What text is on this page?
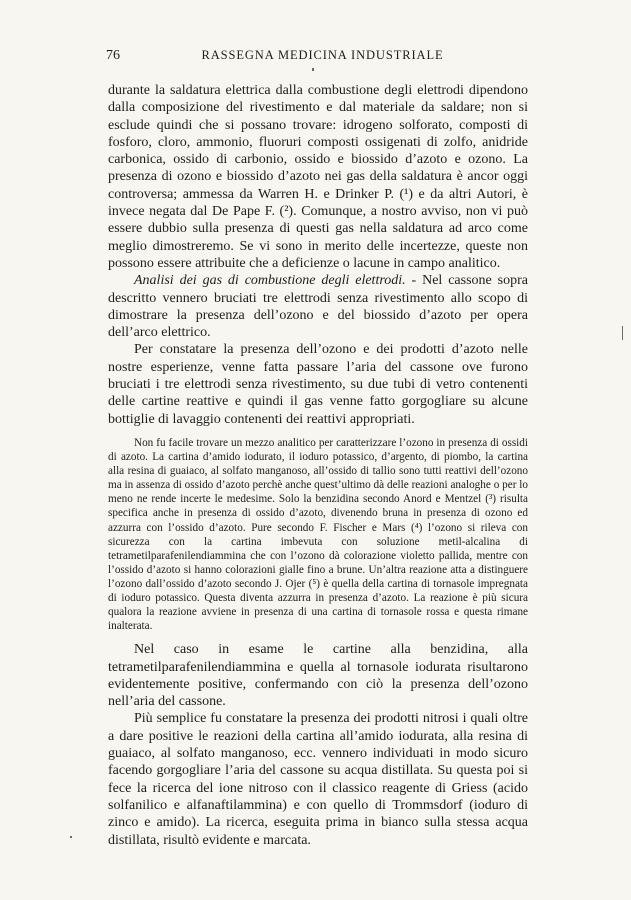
76	RASSEGNA MEDICINA INDUSTRIALE

durante la saldatura elettrica dalla combustione degli elettrodi dipendono dalla composizione del rivestimento e dal materiale da saldare; non si esclude quindi che si possano trovare: idrogeno solforato, composti di fosforo, cloro, ammonio, fluoruri composti ossigenati di zolfo, anidride carbonica, ossido di carbonio, ossido e biossido d’azoto e ozono. La presenza di ozono e biossido d’azoto nei gas della saldatura è ancor oggi controversa; ammessa da Warren H. e Drinker P. (¹) e da altri Autori, è invece negata dal De Pape F. (²). Comunque, a nostro avviso, non vi può essere dubbio sulla presenza di questi gas nella saldatura ad arco come meglio dimostreremo. Se vi sono in merito delle incertezze, queste non possono essere attribuite che a deficienze o lacune in campo analitico.

Analisi dei gas di combustione degli elettrodi. - Nel cassone sopra descritto vennero bruciati tre elettrodi senza rivestimento allo scopo di dimostrare la presenza dell’ozono e del biossido d’azoto per opera dell’arco elettrico.

Per constatare la presenza dell’ozono e dei prodotti d’azoto nelle nostre esperienze, venne fatta passare l’aria del cassone ove furono bruciati i tre elettrodi senza rivestimento, su due tubi di vetro contenenti delle cartine reattive e quindi il gas venne fatto gorgogliare su alcune bottiglie di lavaggio contenenti dei reattivi appropriati.

Non fu facile trovare un mezzo analitico per caratterizzare l’ozono in presenza di ossidi di azoto. La cartina d’amido iodurato, il ioduro potassico, d’argento, di piombo, la cartina alla resina di guaiaco, al solfato manganoso, all’ossido di tallio sono tutti reattivi dell’ozono ma in assenza di ossido d’azoto perchè anche quest’ultimo dà delle reazioni analoghe o per lo meno ne rende incerte le medesime. Solo la benzidina secondo Anord e Mentzel (³) risulta specifica anche in presenza di ossido d’azoto, divenendo bruna in presenza di ozono ed azzurra con l’ossido d’azoto. Pure secondo F. Fischer e Mars (⁴) l’ozono si rileva con sicurezza con la cartina imbevuta con soluzione metil-alcalina di tetrametilparafenilendiammina che con l’ozono dà colorazione violetto pallida, mentre con l’ossido d’azoto si hanno colorazioni gialle fino a brune. Un’altra reazione atta a distinguere l’ozono dall’ossido d’azoto secondo J. Ojer (⁵) è quella della cartina di tornasole impregnata di ioduro potassico. Questa diventa azzurra in presenza d’azoto. La reazione è più sicura qualora la reazione avviene in presenza di una cartina di tornasole rossa e questa rimane inalterata.

Nel caso in esame le cartine alla benzidina, alla tetrametilparafenilendiammina e quella al tornasole iodurata risultarono evidentemente positive, confermando con ciò la presenza dell’ozono nell’aria del cassone.

Più semplice fu constatare la presenza dei prodotti nitrosi i quali oltre a dare positive le reazioni della cartina all’amido iodurata, alla resina di guaiaco, al solfato manganoso, ecc. vennero individuati in modo sicuro facendo gorgogliare l’aria del cassone su acqua distillata. Su questa poi si fece la ricerca del ione nitroso con il classico reagente di Griess (acido solfanilico e alfanaftilammina) e con quello di Trommsdorf (ioduro di zinco e amido). La ricerca, eseguita prima in bianco sulla stessa acqua distillata, risultò evidente e marcata.
